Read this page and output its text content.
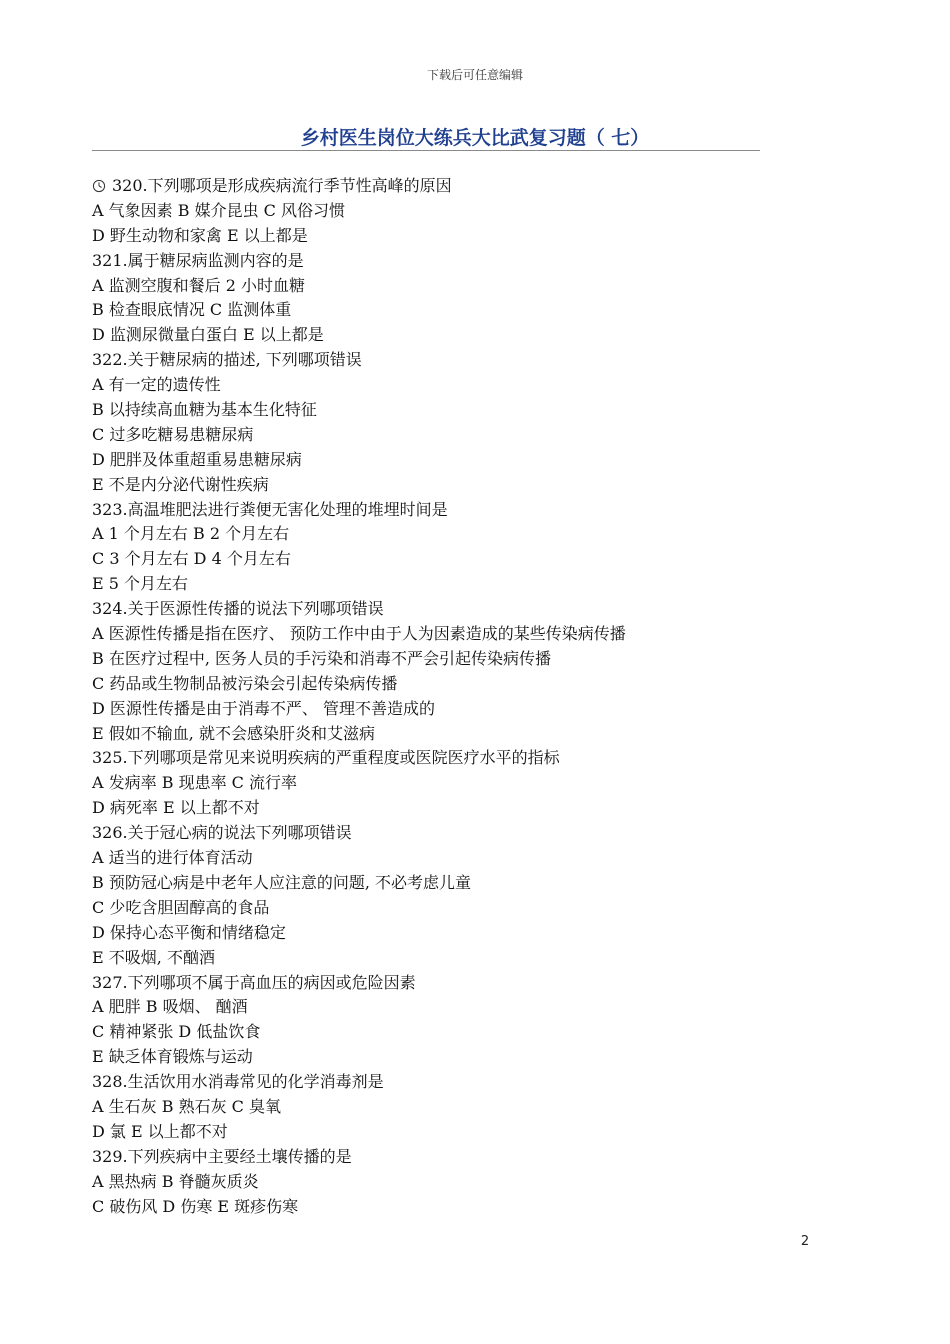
下载后可任意编辑
乡村医生岗位大练兵大比武复习题（ 七）
320.下列哪项是形成疾病流行季节性高峰的原因
A 气象因素 B 媒介昆虫 C 风俗习惯
D 野生动物和家禽 E 以上都是
321.属于糖尿病监测内容的是
A 监测空腹和餐后 2 小时血糖
B 检查眼底情况 C 监测体重
D 监测尿微量白蛋白 E 以上都是
322.关于糖尿病的描述, 下列哪项错误
A 有一定的遗传性
B 以持续高血糖为基本生化特征
C 过多吃糖易患糖尿病
D 肥胖及体重超重易患糖尿病
E 不是内分泌代谢性疾病
323.高温堆肥法进行粪便无害化处理的堆埋时间是
A 1 个月左右 B 2 个月左右
C 3 个月左右 D 4 个月左右
E 5 个月左右
324.关于医源性传播的说法下列哪项错误
A 医源性传播是指在医疗、 预防工作中由于人为因素造成的某些传染病传播
B 在医疗过程中, 医务人员的手污染和消毒不严会引起传染病传播
C 药品或生物制品被污染会引起传染病传播
D 医源性传播是由于消毒不严、 管理不善造成的
E 假如不输血, 就不会感染肝炎和艾滋病
325.下列哪项是常见来说明疾病的严重程度或医院医疗水平的指标
A 发病率 B 现患率 C 流行率
D 病死率 E 以上都不对
326.关于冠心病的说法下列哪项错误
A 适当的进行体育活动
B 预防冠心病是中老年人应注意的问题, 不必考虑儿童
C 少吃含胆固醇高的食品
D 保持心态平衡和情绪稳定
E 不吸烟, 不酗酒
327.下列哪项不属于高血压的病因或危险因素
A 肥胖 B 吸烟、 酗酒
C 精神紧张 D 低盐饮食
E 缺乏体育锻炼与运动
328.生活饮用水消毒常见的化学消毒剂是
A 生石灰 B 熟石灰 C 臭氧
D 氯 E 以上都不对
329.下列疾病中主要经土壤传播的是
A 黑热病 B 脊髓灰质炎
C 破伤风 D 伤寒 E 斑疹伤寒
2
